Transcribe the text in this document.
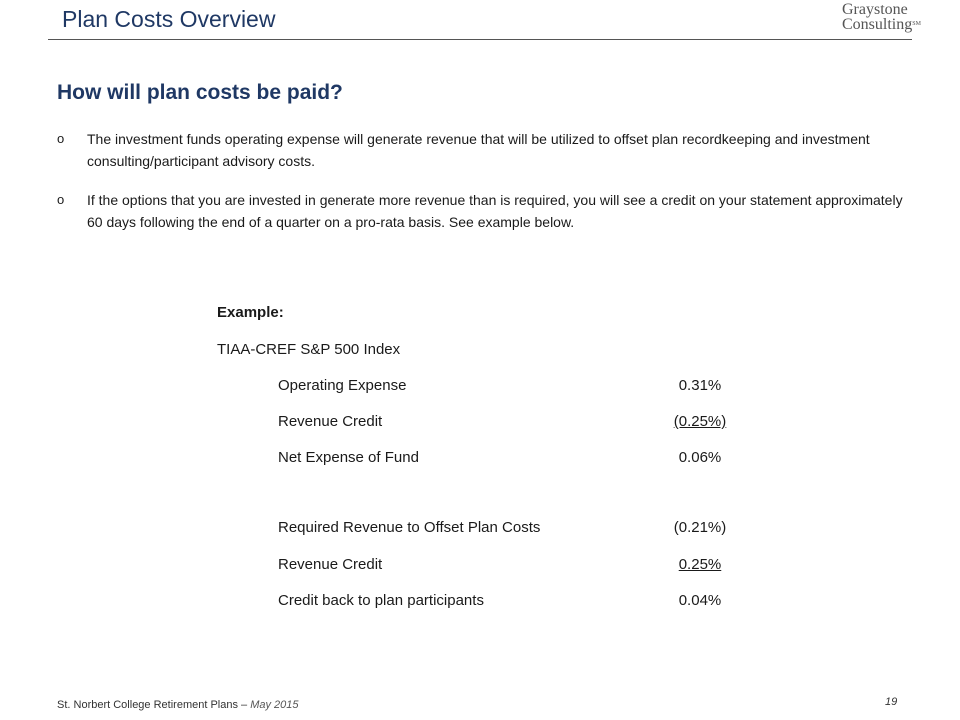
Plan Costs Overview	Graystone
Consulting℠
How will plan costs be paid?
o The investment funds operating expense will generate revenue that will be utilized to offset plan recordkeeping and investment consulting/participant advisory costs.
o If the options that you are invested in generate more revenue than is required, you will see a credit on your statement approximately 60 days following the end of a quarter on a pro-rata basis. See example below.
Example:
TIAA-CREF S&P 500 Index
Operating Expense	0.31%
Revenue Credit	(0.25%)
Net Expense of Fund	0.06%
Required Revenue to Offset Plan Costs	(0.21%)
Revenue Credit	0.25%
Credit back to plan participants	0.04%
St. Norbert College Retirement Plans – May 2015	19
